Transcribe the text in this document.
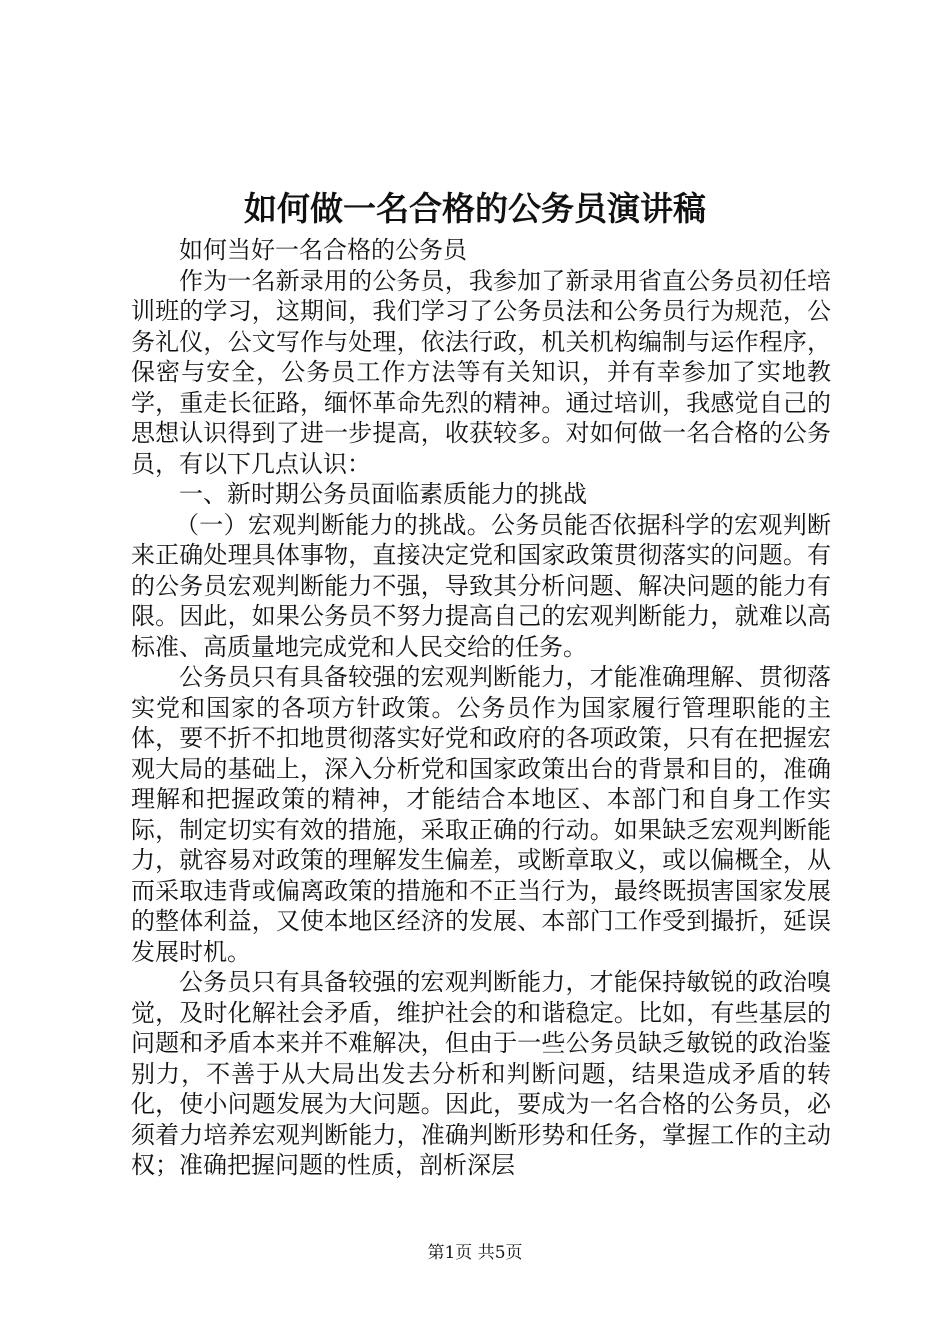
如何做一名合格的公务员演讲稿

如何当好一名合格的公务员

作为一名新录用的公务员，我参加了新录用省直公务员初任培训班的学习，这期间，我们学习了公务员法和公务员行为规范，公务礼仪，公文写作与处理，依法行政，机关机构编制与运作程序，保密与安全，公务员工作方法等有关知识，并有幸参加了实地教学，重走长征路，缅怀革命先烈的精神。通过培训，我感觉自己的思想认识得到了进一步提高，收获较多。对如何做一名合格的公务员，有以下几点认识：

一、新时期公务员面临素质能力的挑战

（一）宏观判断能力的挑战。公务员能否依据科学的宏观判断来正确处理具体事物，直接决定党和国家政策贯彻落实的问题。有的公务员宏观判断能力不强，导致其分析问题、解决问题的能力有限。因此，如果公务员不努力提高自己的宏观判断能力，就难以高标准、高质量地完成党和人民交给的任务。

公务员只有具备较强的宏观判断能力，才能准确理解、贯彻落实党和国家的各项方针政策。公务员作为国家履行管理职能的主体，要不折不扣地贯彻落实好党和政府的各项政策，只有在把握宏观大局的基础上，深入分析党和国家政策出台的背景和目的，准确理解和把握政策的精神，才能结合本地区、本部门和自身工作实际，制定切实有效的措施，采取正确的行动。如果缺乏宏观判断能力，就容易对政策的理解发生偏差，或断章取义，或以偏概全，从而采取违背或偏离政策的措施和不正当行为，最终既损害国家发展的整体利益，又使本地区经济的发展、本部门工作受到撮折，延误发展时机。

公务员只有具备较强的宏观判断能力，才能保持敏锐的政治嗅觉，及时化解社会矛盾，维护社会的和谐稳定。比如，有些基层的问题和矛盾本来并不难解决，但由于一些公务员缺乏敏锐的政治鉴别力，不善于从大局出发去分析和判断问题，结果造成矛盾的转化，使小问题发展为大问题。因此，要成为一名合格的公务员，必须着力培养宏观判断能力，准确判断形势和任务，掌握工作的主动权；准确把握问题的性质，剖析深层

第1页 共5页
